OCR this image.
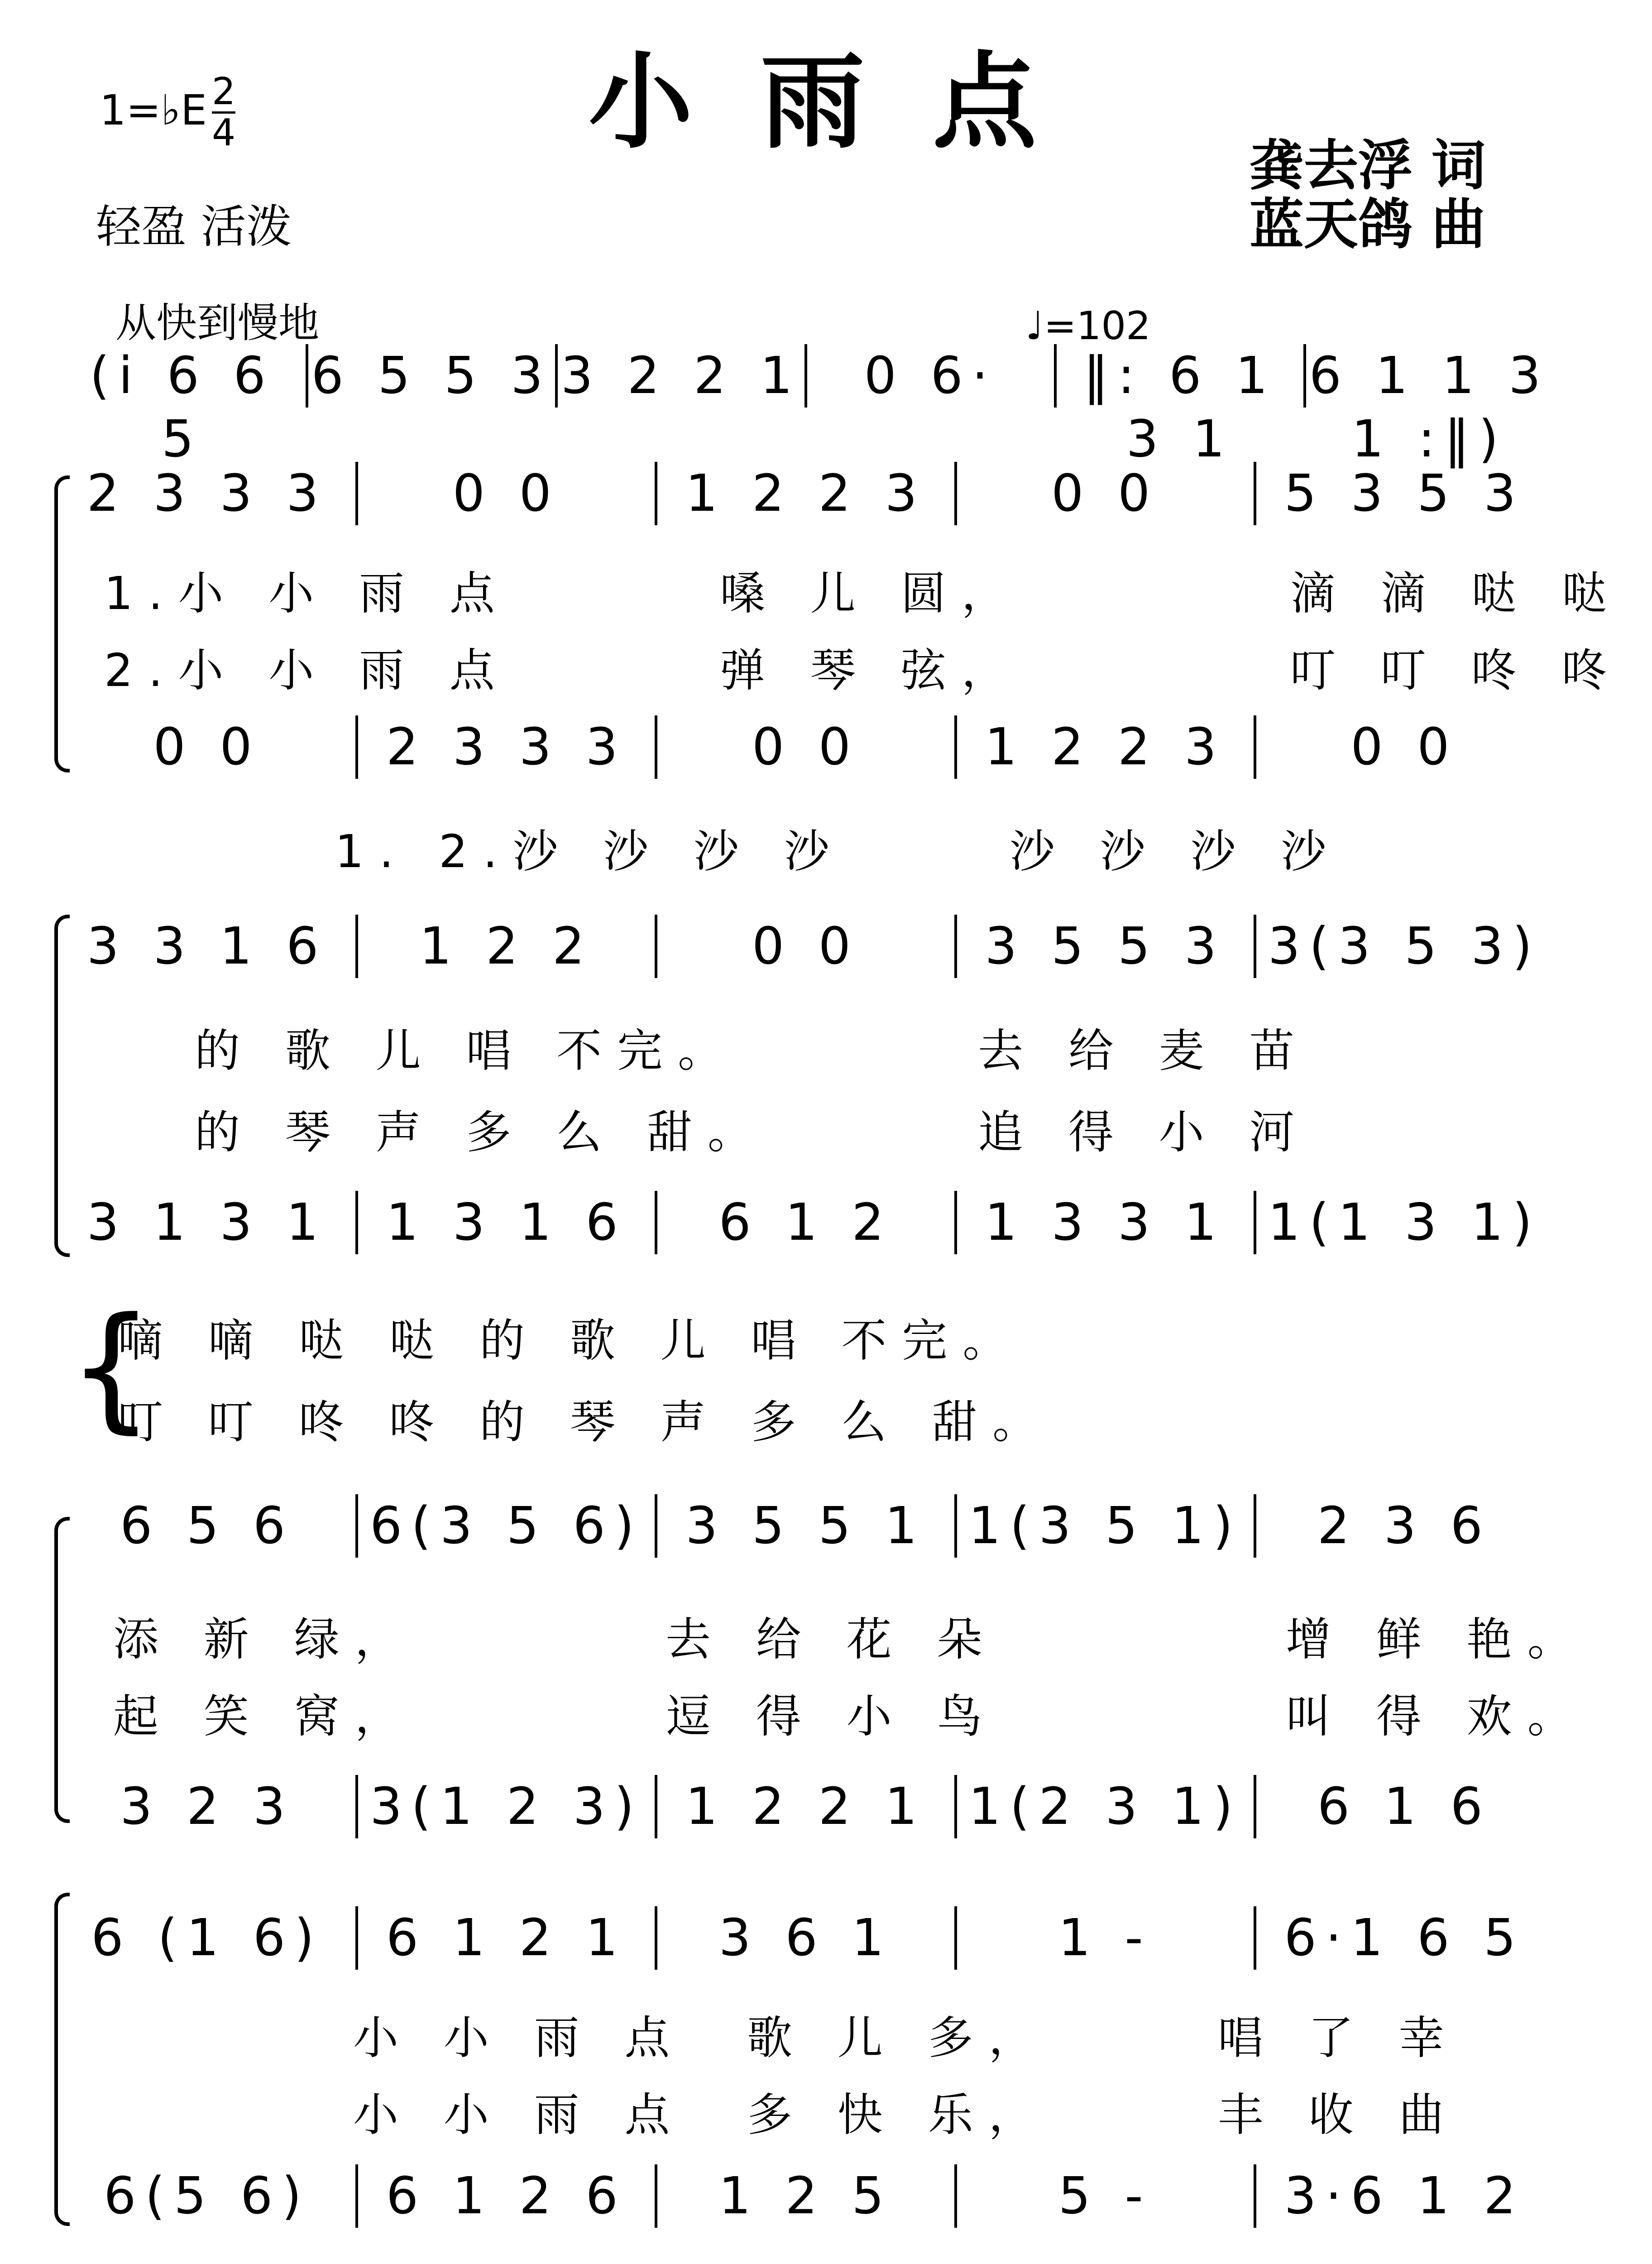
小雨点
1=♭E 2
4
轻盈 活泼
龚去浮 词
蓝天鸽 曲
从快到慢地	♩=102
(i 6 6 5
6 5 5 3 3 2 2 1	0 6·	‖: 6 1 3 1
6 1 1 3 1 :‖)
2 3 3 3	0 0	1 2 2 3	0 0	5 3 5 3
1.小 小 雨 点	嗓 儿 圆，	滴 滴 哒 哒
2.小 小 雨 点	弹 琴 弦，	叮 叮 咚 咚
0 0	2 3 3 3	0 0	1 2 2 3	0 0
1. 2.沙 沙 沙 沙	沙 沙 沙 沙
3 3 1 6	1 2 2	0 0	3 5 5 3 3(3 5 3)
的 歌 儿 唱 不完。	去 给 麦 苗
的 琴 声 多 么 甜。	追 得 小 河
3 1 3 1	1 3 1 6	6 1 2	1 3 3 1 1(1 3 1)
{
嘀 嘀 哒 哒 的 歌 儿 唱 不完。
叮 叮 咚 咚 的 琴 声 多 么 甜。
6 5 6	6(3 5 6) 3 5 5 1 1(3 5 1)	2 3 6
添 新 绿，	去 给 花 朵	增 鲜 艳。
起 笑 窝，	逗 得 小 鸟	叫 得 欢。
3 2 3	3(1 2 3) 1 2 2 1 1(2 3 1)	6 1 6
6 (1 6)	6 1 2 1	3 6 1	1 -	6·1 6 5
小 小 雨 点 歌 儿 多，	唱 了 幸
小 小 雨 点 多 快 乐，	丰 收 曲
6(5 6)	6 1 2 6	1 2 5	5 -	3·6 1 2
